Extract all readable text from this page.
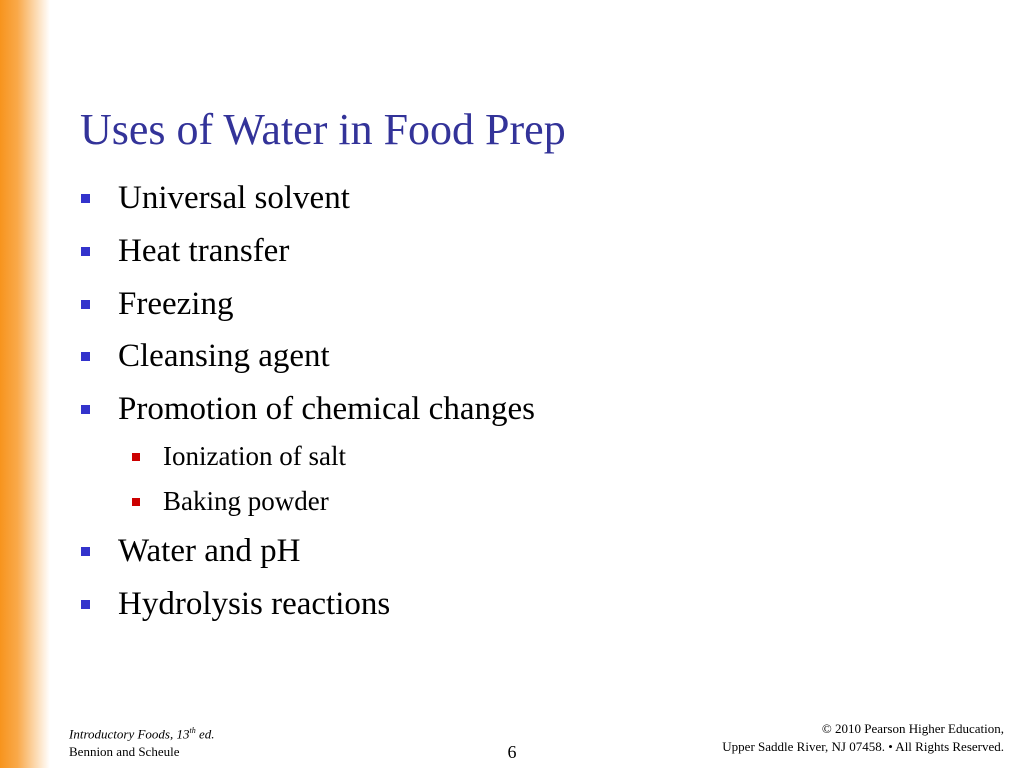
Uses of Water in Food Prep
Universal solvent
Heat transfer
Freezing
Cleansing agent
Promotion of chemical changes
Ionization of salt
Baking powder
Water and pH
Hydrolysis reactions
Introductory Foods, 13th ed.
Bennion and Scheule	6
© 2010 Pearson Higher Education,
Upper Saddle River, NJ 07458. • All Rights Reserved.
